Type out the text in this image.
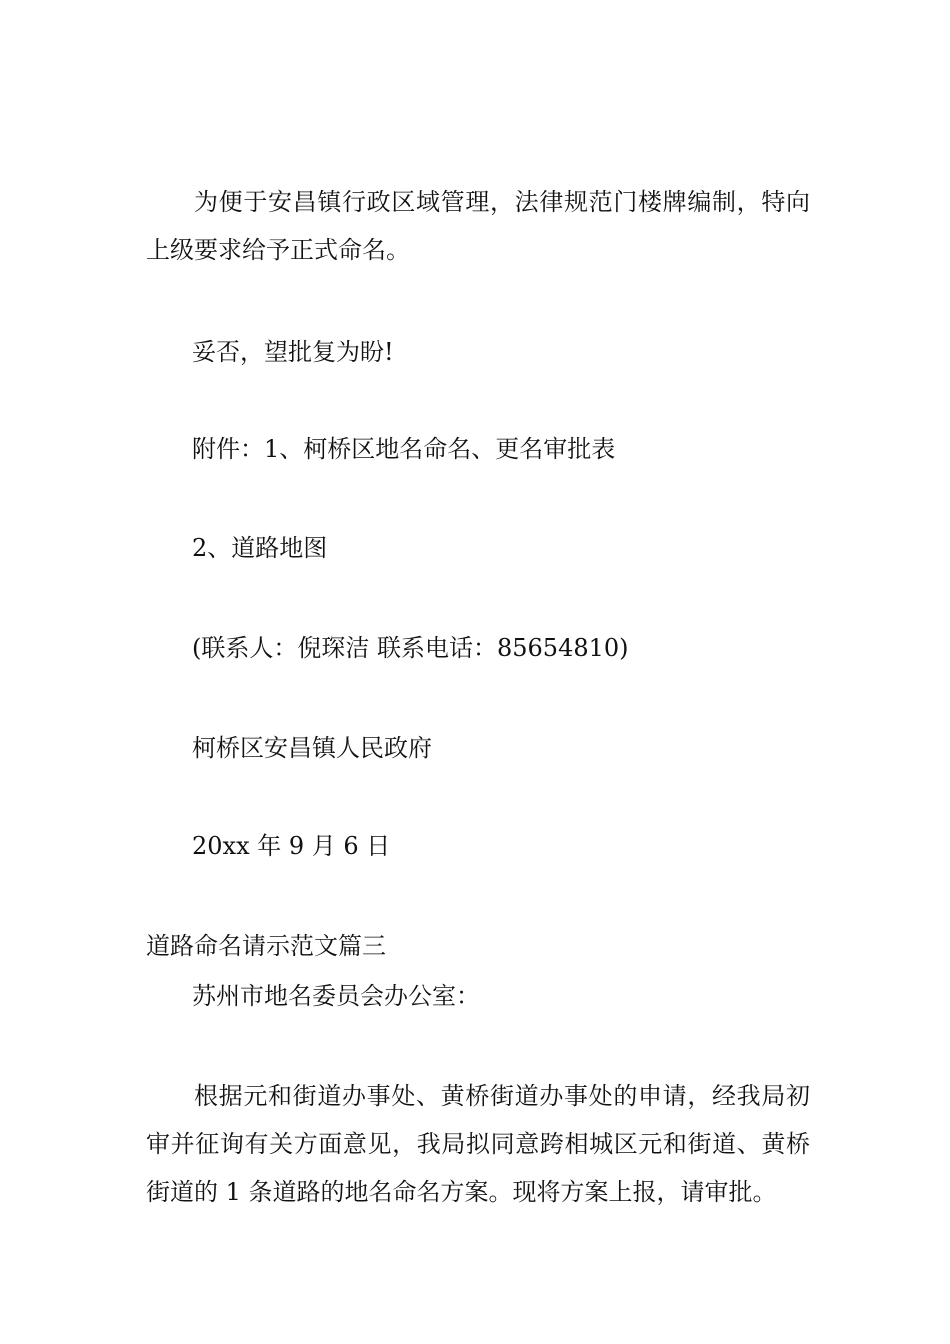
为便于安昌镇行政区域管理，法律规范门楼牌编制，特向上级要求给予正式命名。
妥否，望批复为盼!
附件：1、柯桥区地名命名、更名审批表
2、道路地图
(联系人：倪琛洁 联系电话：85654810)
柯桥区安昌镇人民政府
20xx 年 9 月 6 日
道路命名请示范文篇三
苏州市地名委员会办公室：
根据元和街道办事处、黄桥街道办事处的申请，经我局初审并征询有关方面意见，我局拟同意跨相城区元和街道、黄桥街道的 1 条道路的地名命名方案。现将方案上报，请审批。
